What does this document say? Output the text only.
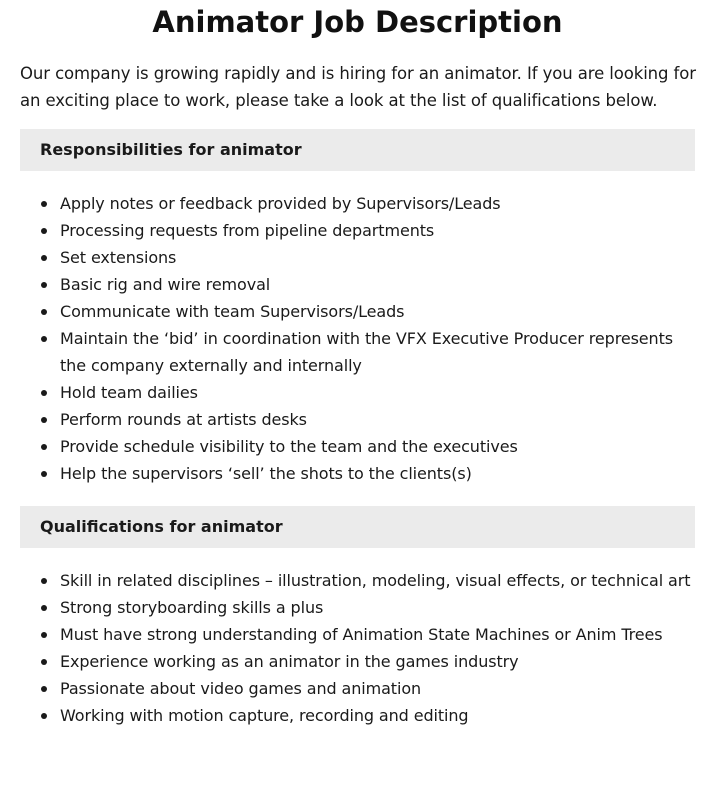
Animator Job Description

Our company is growing rapidly and is hiring for an animator. If you are looking for an exciting place to work, please take a look at the list of qualifications below.

Responsibilities for animator
Apply notes or feedback provided by Supervisors/Leads
Processing requests from pipeline departments
Set extensions
Basic rig and wire removal
Communicate with team Supervisors/Leads
Maintain the ‘bid’ in coordination with the VFX Executive Producer represents the company externally and internally
Hold team dailies
Perform rounds at artists desks
Provide schedule visibility to the team and the executives
Help the supervisors ‘sell’ the shots to the clients(s)
Qualifications for animator
Skill in related disciplines – illustration, modeling, visual effects, or technical art
Strong storyboarding skills a plus
Must have strong understanding of Animation State Machines or Anim Trees
Experience working as an animator in the games industry
Passionate about video games and animation
Working with motion capture, recording and editing
